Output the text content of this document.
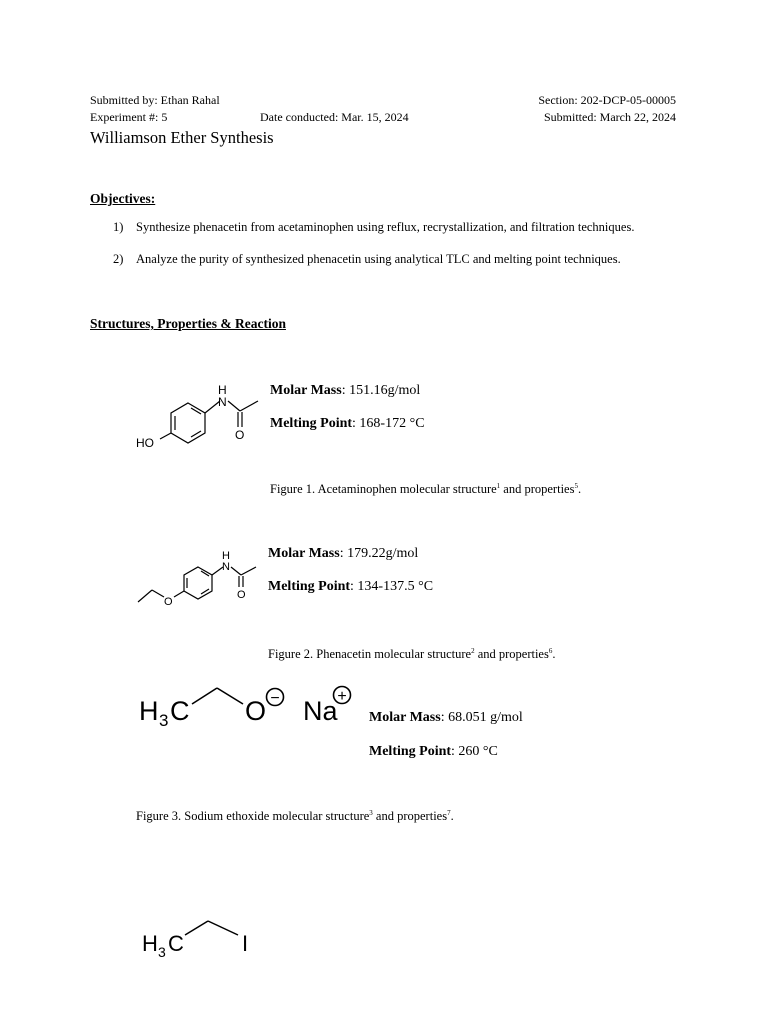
Submitted by: Ethan Rahal
Experiment #: 5	Date conducted: Mar. 15, 2024
Section: 202-DCP-05-00005
Submitted: March 22, 2024
Williamson Ether Synthesis
Objectives:
1) Synthesize phenacetin from acetaminophen using reflux, recrystallization, and filtration techniques.
2) Analyze the purity of synthesized phenacetin using analytical TLC and melting point techniques.
Structures, Properties & Reaction
H
N
O
HO
Molar Mass: 151.16g/mol
Melting Point: 168-172 °C
Figure 1. Acetaminophen molecular structure$^1$ and properties$^5$.
H
N
O
O
Molar Mass: 179.22g/mol
Melting Point: 134-137.5 °C
Figure 2. Phenacetin molecular structure$^2$ and properties$^6$.
H 3 C O − Na +
Molar Mass: 68.051 g/mol
Melting Point: 260 °C
Figure 3. Sodium ethoxide molecular structure$^3$ and properties$^7$.
H 3 C	I
